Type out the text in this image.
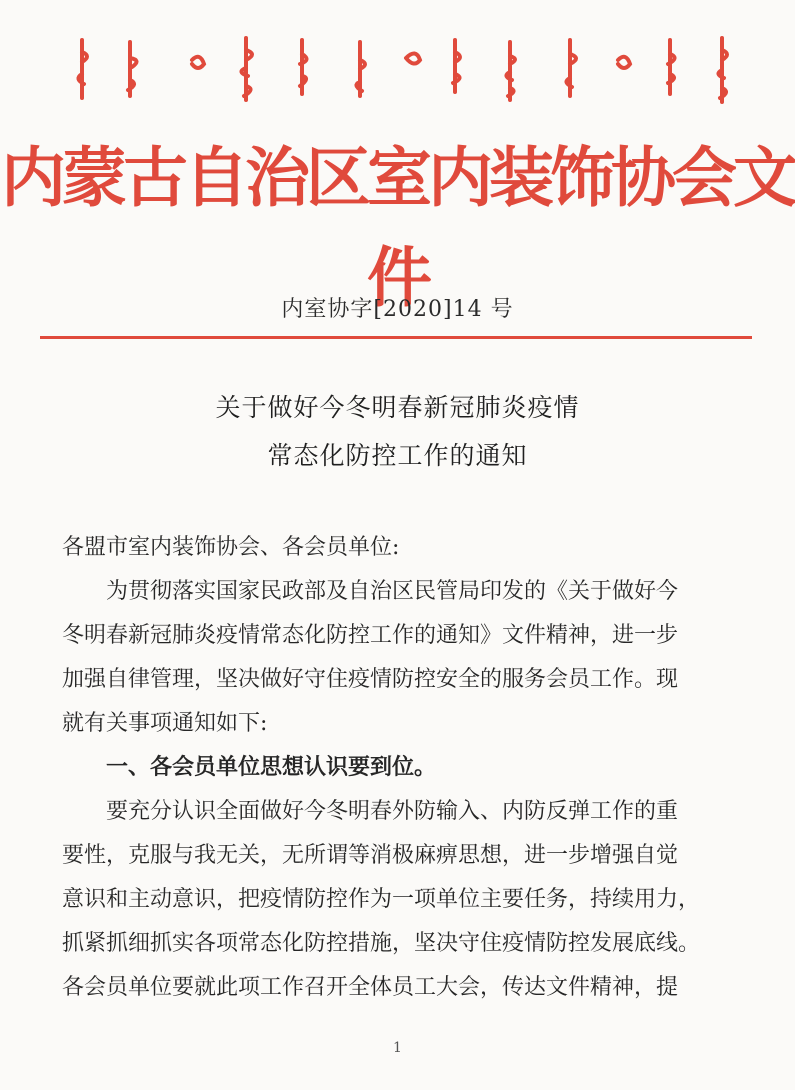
内蒙古自治区室内装饰协会文件
内室协字[2020]14 号
关于做好今冬明春新冠肺炎疫情
常态化防控工作的通知
各盟市室内装饰协会、各会员单位:
　　为贯彻落实国家民政部及自治区民管局印发的《关于做好今
冬明春新冠肺炎疫情常态化防控工作的通知》文件精神，进一步
加强自律管理，坚决做好守住疫情防控安全的服务会员工作。现
就有关事项通知如下:
　　一、各会员单位思想认识要到位。
　　要充分认识全面做好今冬明春外防输入、内防反弹工作的重
要性，克服与我无关，无所谓等消极麻痹思想，进一步增强自觉
意识和主动意识，把疫情防控作为一项单位主要任务，持续用力，
抓紧抓细抓实各项常态化防控措施，坚决守住疫情防控发展底线。
各会员单位要就此项工作召开全体员工大会，传达文件精神，提
1
